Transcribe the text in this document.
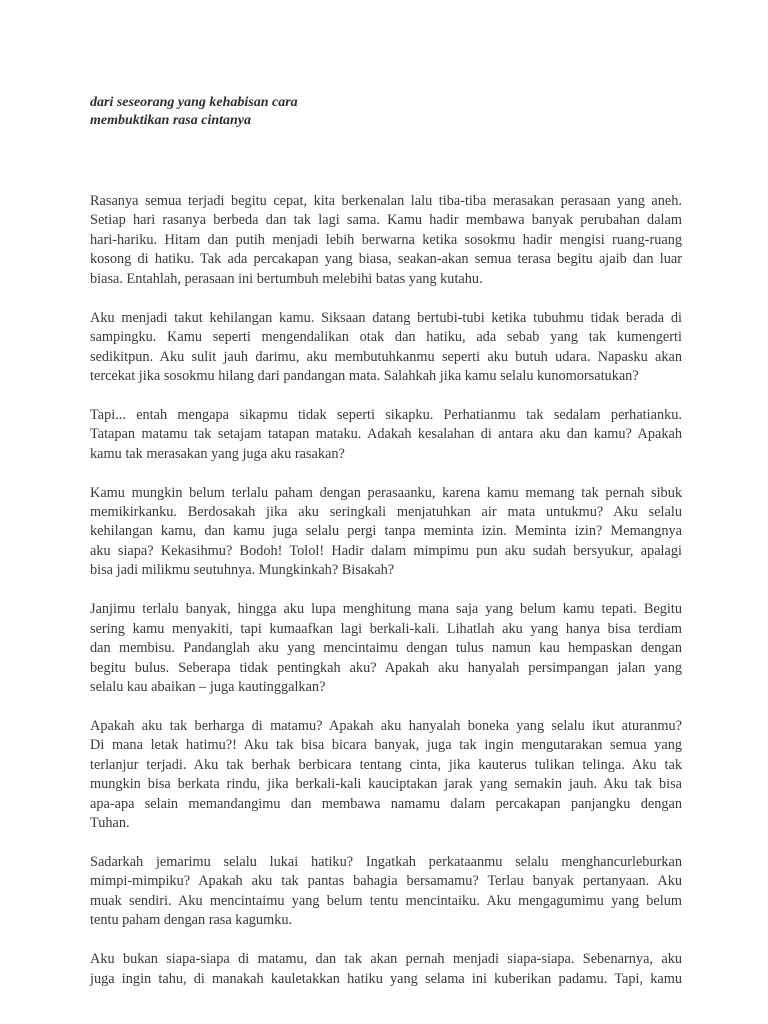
dari seseorang yang kehabisan cara
membuktikan rasa cintanya
Rasanya semua terjadi begitu cepat, kita berkenalan lalu tiba-tiba merasakan perasaan yang aneh.
Setiap hari rasanya berbeda dan tak lagi sama. Kamu hadir membawa banyak perubahan dalam
hari-hariku. Hitam dan putih menjadi lebih berwarna ketika sosokmu hadir mengisi ruang-ruang
kosong di hatiku. Tak ada percakapan yang biasa, seakan-akan semua terasa begitu ajaib dan luar
biasa. Entahlah, perasaan ini bertumbuh melebihi batas yang kutahu.
Aku menjadi takut kehilangan kamu. Siksaan datang bertubi-tubi ketika tubuhmu tidak berada di
sampingku. Kamu seperti mengendalikan otak dan hatiku, ada sebab yang tak kumengerti
sedikitpun. Aku sulit jauh darimu, aku membutuhkanmu seperti aku butuh udara. Napasku akan
tercekat jika sosokmu hilang dari pandangan mata. Salahkah jika kamu selalu kunomorsatukan?
Tapi... entah mengapa sikapmu tidak seperti sikapku. Perhatianmu tak sedalam perhatianku.
Tatapan matamu tak setajam tatapan mataku. Adakah kesalahan di antara aku dan kamu? Apakah
kamu tak merasakan yang juga aku rasakan?
Kamu mungkin belum terlalu paham dengan perasaanku, karena kamu memang tak pernah sibuk
memikirkanku. Berdosakah jika aku seringkali menjatuhkan air mata untukmu? Aku selalu
kehilangan kamu, dan kamu juga selalu pergi tanpa meminta izin. Meminta izin? Memangnya
aku siapa? Kekasihmu? Bodoh! Tolol! Hadir dalam mimpimu pun aku sudah bersyukur, apalagi
bisa jadi milikmu seutuhnya. Mungkinkah? Bisakah?
Janjimu terlalu banyak, hingga aku lupa menghitung mana saja yang belum kamu tepati. Begitu
sering kamu menyakiti, tapi kumaafkan lagi berkali-kali. Lihatlah aku yang hanya bisa terdiam
dan membisu. Pandanglah aku yang mencintaimu dengan tulus namun kau hempaskan dengan
begitu bulus. Seberapa tidak pentingkah aku? Apakah aku hanyalah persimpangan jalan yang
selalu kau abaikan – juga kautinggalkan?
Apakah aku tak berharga di matamu? Apakah aku hanyalah boneka yang selalu ikut aturanmu?
Di mana letak hatimu?! Aku tak bisa bicara banyak, juga tak ingin mengutarakan semua yang
terlanjur terjadi. Aku tak berhak berbicara tentang cinta, jika kauterus tulikan telinga. Aku tak
mungkin bisa berkata rindu, jika berkali-kali kauciptakan jarak yang semakin jauh. Aku tak bisa
apa-apa selain memandangimu dan membawa namamu dalam percakapan panjangku dengan
Tuhan.
Sadarkah jemarimu selalu lukai hatiku? Ingatkah perkataanmu selalu menghancurleburkan
mimpi-mimpiku? Apakah aku tak pantas bahagia bersamamu? Terlau banyak pertanyaan. Aku
muak sendiri. Aku mencintaimu yang belum tentu mencintaiku. Aku mengagumimu yang belum
tentu paham dengan rasa kagumku.
Aku bukan siapa-siapa di matamu, dan tak akan pernah menjadi siapa-siapa. Sebenarnya, aku
juga ingin tahu, di manakah kauletakkan hatiku yang selama ini kuberikan padamu. Tapi, kamu
